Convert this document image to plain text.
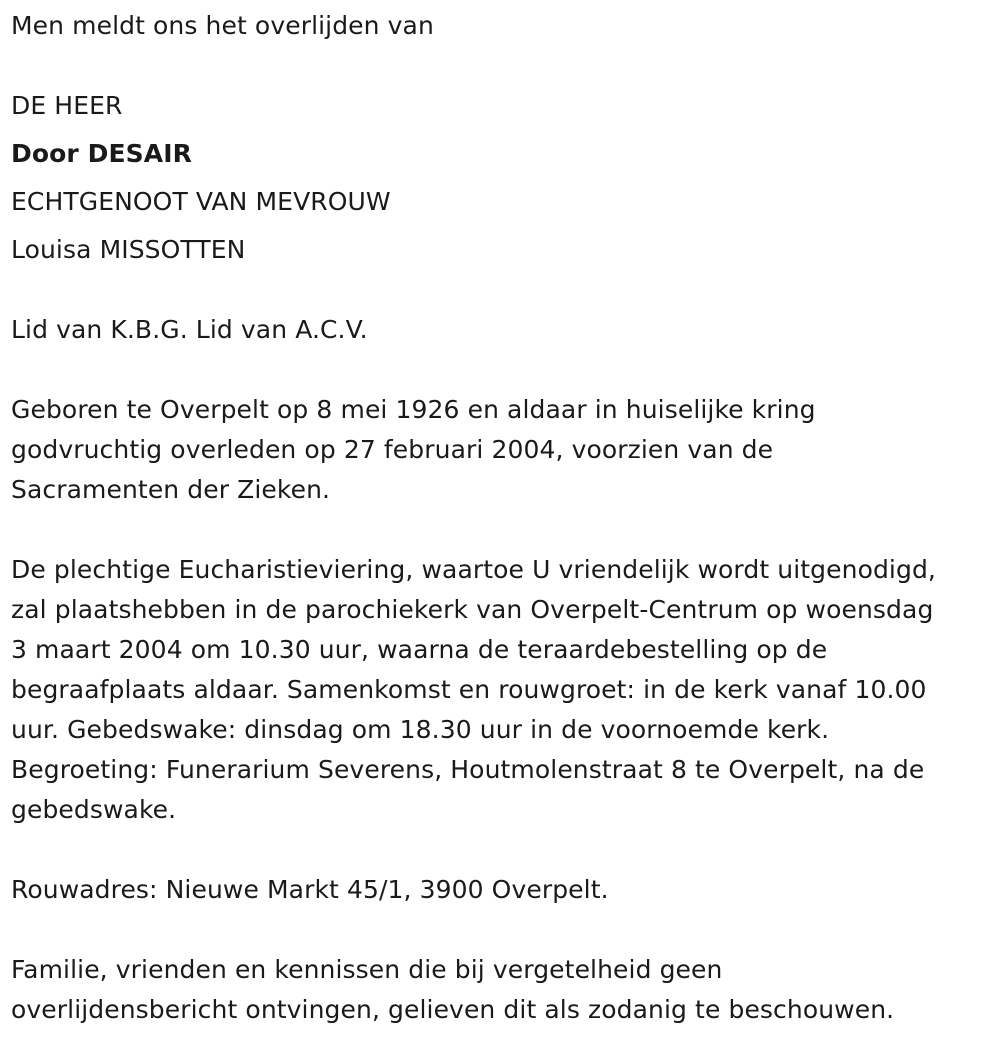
Men meldt ons het overlijden van
DE HEER
Door DESAIR
ECHTGENOOT VAN MEVROUW
Louisa MISSOTTEN
Lid van K.B.G. Lid van A.C.V.
Geboren te Overpelt op 8 mei 1926 en aldaar in huiselijke kring
godvruchtig overleden op 27 februari 2004, voorzien van de
Sacramenten der Zieken.
De plechtige Eucharistieviering, waartoe U vriendelijk wordt uitgenodigd,
zal plaatshebben in de parochiekerk van Overpelt-Centrum op woensdag
3 maart 2004 om 10.30 uur, waarna de teraardebestelling op de
begraafplaats aldaar. Samenkomst en rouwgroet: in de kerk vanaf 10.00
uur. Gebedswake: dinsdag om 18.30 uur in de voornoemde kerk.
Begroeting: Funerarium Severens, Houtmolenstraat 8 te Overpelt, na de
gebedswake.
Rouwadres: Nieuwe Markt 45/1, 3900 Overpelt.
Familie, vrienden en kennissen die bij vergetelheid geen
overlijdensbericht ontvingen, gelieven dit als zodanig te beschouwen.
